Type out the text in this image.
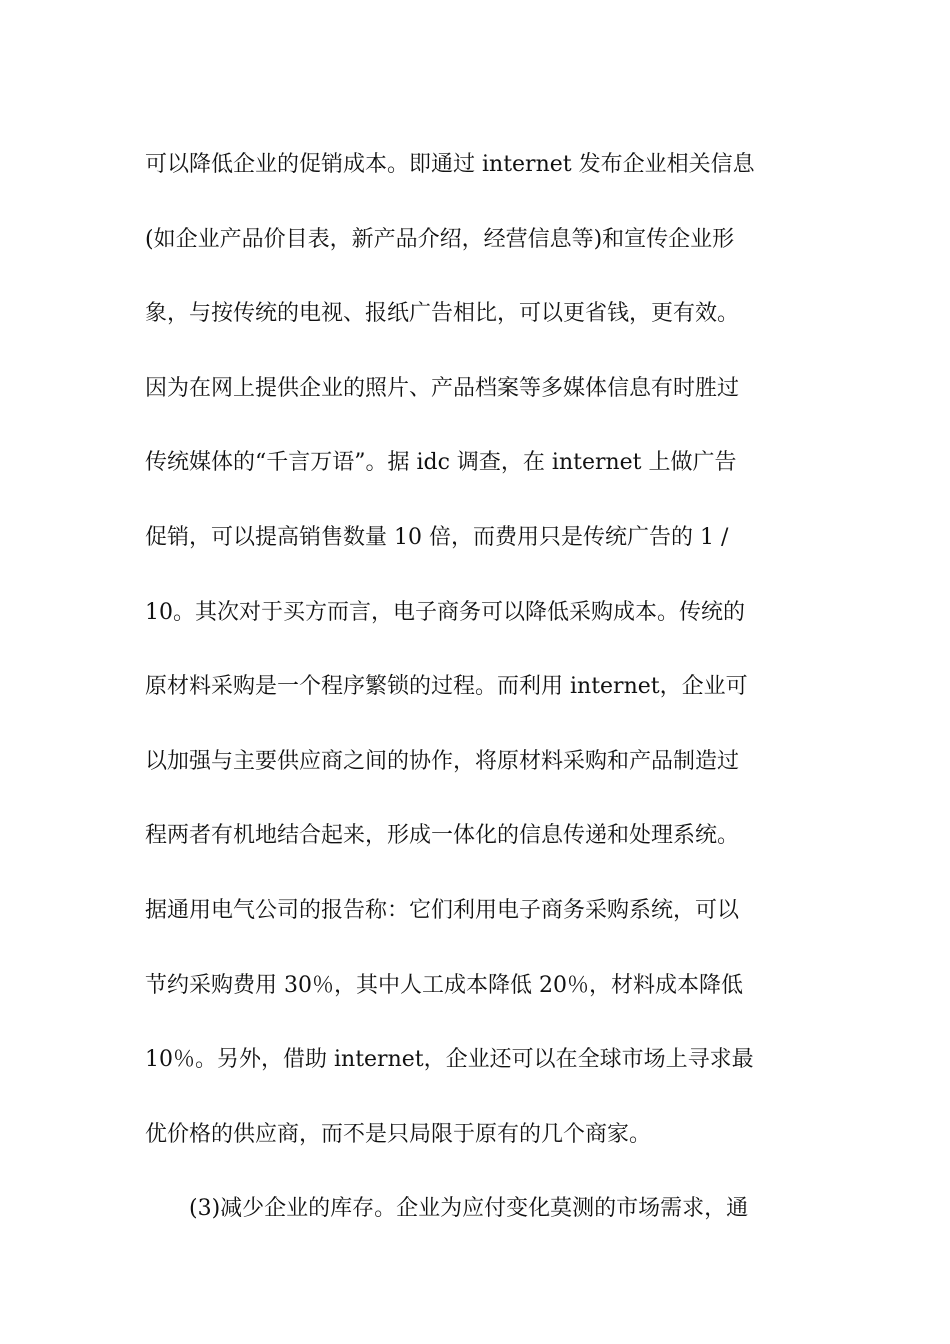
可以降低企业的促销成本。即通过 internet 发布企业相关信息
(如企业产品价目表，新产品介绍，经营信息等)和宣传企业形
象，与按传统的电视、报纸广告相比，可以更省钱，更有效。
因为在网上提供企业的照片、产品档案等多媒体信息有时胜过
传统媒体的“千言万语”。据 idc 调查，在 internet 上做广告
促销，可以提高销售数量 10 倍，而费用只是传统广告的 1 /
10。其次对于买方而言，电子商务可以降低采购成本。传统的
原材料采购是一个程序繁锁的过程。而利用 internet，企业可
以加强与主要供应商之间的协作，将原材料采购和产品制造过
程两者有机地结合起来，形成一体化的信息传递和处理系统。
据通用电气公司的报告称：它们利用电子商务采购系统，可以
节约采购费用 30％，其中人工成本降低 20％，材料成本降低
10％。另外，借助 internet，企业还可以在全球市场上寻求最
优价格的供应商，而不是只局限于原有的几个商家。
(3)减少企业的库存。企业为应付变化莫测的市场需求，通
